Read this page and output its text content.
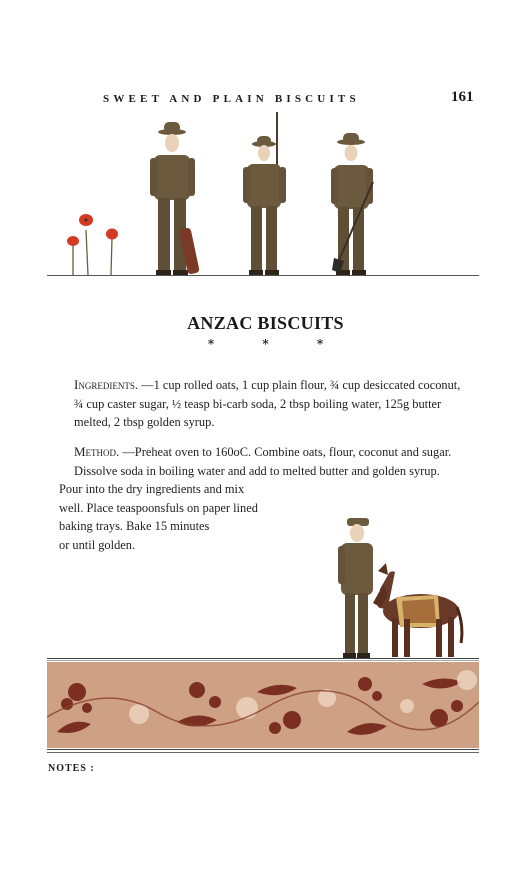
SWEET AND PLAIN BISCUITS	161
ANZAC BISCUITS
* * *

Ingredients. —1 cup rolled oats, 1 cup plain flour, ¾ cup desiccated coconut, ¾ cup caster sugar, ½ teasp bi-carb soda, 2 tbsp boiling water, 125g butter melted, 2 tbsp golden syrup.

Method. —Preheat oven to 160oC. Combine oats, flour, coconut and sugar. Dissolve soda in boiling water and add to melted butter and golden syrup.

Pour into the dry ingredients and mix

well. Place teaspoonsfuls on paper lined

baking trays. Bake 15 minutes

or until golden.

NOTES :
